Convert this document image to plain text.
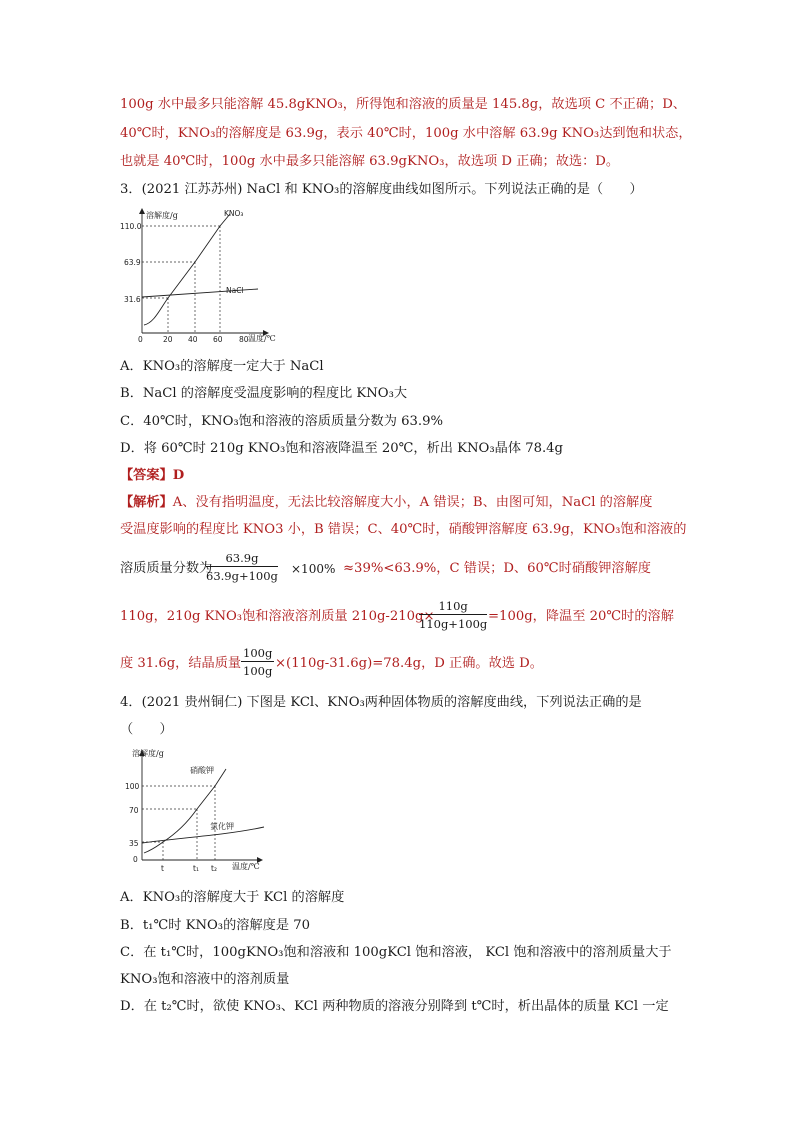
100g 水中最多只能溶解 45.8gKNO₃，所得饱和溶液的质量是 145.8g，故选项 C 不正确；D、
40℃时，KNO₃的溶解度是 63.9g，表示 40℃时，100g 水中溶解 63.9g KNO₃达到饱和状态，
也就是 40℃时，100g 水中最多只能溶解 63.9gKNO₃，故选项 D 正确；故选：D。
3．(2021 江苏苏州) NaCl 和 KNO₃的溶解度曲线如图所示。下列说法正确的是（　　）
溶解度/g
温度/℃
110.0
63.9
31.6
0	20 40 60 80
KNO₃
NaCl
A．KNO₃的溶解度一定大于 NaCl
B．NaCl 的溶解度受温度影响的程度比 KNO₃大
C．40℃时，KNO₃饱和溶液的溶质质量分数为 63.9%
D．将 60℃时 210g KNO₃饱和溶液降温至 20℃，析出 KNO₃晶体 78.4g
【答案】D
【解析】A、没有指明温度，无法比较溶解度大小，A 错误；B、由图可知，NaCl 的溶解度
受温度影响的程度比 KNO3 小，B 错误；C、40℃时，硝酸钾溶解度 63.9g，KNO₃饱和溶液的
溶质质量分数为
$\frac{63.9g}{63.9g+100g} \times 100\% \approx 39\%<63.9\%$，C 错误；D、60℃时硝酸钾溶解度
110g，210g KNO₃饱和溶液溶剂质量 210g-210g×
$\frac{110g}{110g+100g} =100g$，降温至 20℃时的溶解
度 31.6g，结晶质量 $\frac{100g}{100g} \times(110g-31.6g)=78.4g$，D 正确。故选 D。
4．(2021 贵州铜仁) 下图是 KCl、KNO₃两种固体物质的溶解度曲线，下列说法正确的是
（　　）
溶解度/g
温度/℃
100
70
35
0
t	t₁ t₂
硝酸钾
氯化钾
A．KNO₃的溶解度大于 KCl 的溶解度
B．t₁℃时 KNO₃的溶解度是 70
C．在 t₁℃时，100gKNO₃饱和溶液和 100gKCl 饱和溶液， KCl 饱和溶液中的溶剂质量大于
KNO₃饱和溶液中的溶剂质量
D．在 t₂℃时，欲使 KNO₃、KCl 两种物质的溶液分别降到 t℃时，析出晶体的质量 KCl 一定
